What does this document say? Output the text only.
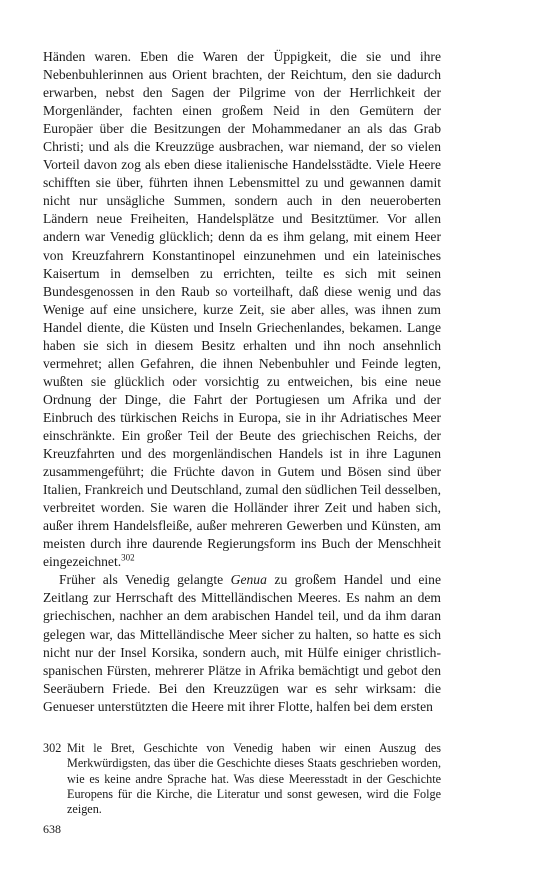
Händen waren. Eben die Waren der Üppigkeit, die sie und ihre Nebenbuhlerinnen aus Orient brachten, der Reichtum, den sie dadurch erwarben, nebst den Sagen der Pilgrime von der Herrlichkeit der Morgenländer, fachten einen großem Neid in den Gemütern der Europäer über die Besitzungen der Mohammedaner an als das Grab Christi; und als die Kreuzzüge ausbrachen, war niemand, der so vielen Vorteil davon zog als eben diese italienische Handelsstädte. Viele Heere schifften sie über, führten ihnen Lebensmittel zu und gewannen damit nicht nur unsägliche Summen, sondern auch in den neueroberten Ländern neue Freiheiten, Handelsplätze und Besitztümer. Vor allen andern war Venedig glücklich; denn da es ihm gelang, mit einem Heer von Kreuzfahrern Konstantinopel einzunehmen und ein lateinisches Kaisertum in demselben zu errichten, teilte es sich mit seinen Bundesgenossen in den Raub so vorteilhaft, daß diese wenig und das Wenige auf eine unsichere, kurze Zeit, sie aber alles, was ihnen zum Handel diente, die Küsten und Inseln Griechenlandes, bekamen. Lange haben sie sich in diesem Besitz erhalten und ihn noch ansehnlich vermehret; allen Gefahren, die ihnen Nebenbuhler und Feinde legten, wußten sie glücklich oder vorsichtig zu entweichen, bis eine neue Ordnung der Dinge, die Fahrt der Portugiesen um Afrika und der Einbruch des türkischen Reichs in Europa, sie in ihr Adriatisches Meer einschränkte. Ein großer Teil der Beute des griechischen Reichs, der Kreuzfahrten und des morgenländischen Handels ist in ihre Lagunen zusammengeführt; die Früchte davon in Gutem und Bösen sind über Italien, Frankreich und Deutschland, zumal den südlichen Teil desselben, verbreitet worden. Sie waren die Holländer ihrer Zeit und haben sich, außer ihrem Handelsfleiße, außer mehreren Gewerben und Künsten, am meisten durch ihre daurende Regierungsform ins Buch der Menschheit eingezeichnet.$^{302}$

Früher als Venedig gelangte Genua zu großem Handel und eine Zeitlang zur Herrschaft des Mittelländischen Meeres. Es nahm an dem griechischen, nachher an dem arabischen Handel teil, und da ihm daran gelegen war, das Mittelländische Meer sicher zu halten, so hatte es sich nicht nur der Insel Korsika, sondern auch, mit Hülfe einiger christlich-spanischen Fürsten, mehrerer Plätze in Afrika bemächtigt und gebot den Seeräubern Friede. Bei den Kreuzzügen war es sehr wirksam: die Genueser unterstützten die Heere mit ihrer Flotte, halfen bei dem ersten

302 Mit le Bret, Geschichte von Venedig haben wir einen Auszug des Merkwürdigsten, das über die Geschichte dieses Staats geschrieben worden, wie es keine andre Sprache hat. Was diese Meeresstadt in der Geschichte Europens für die Kirche, die Literatur und sonst gewesen, wird die Folge zeigen.
638
